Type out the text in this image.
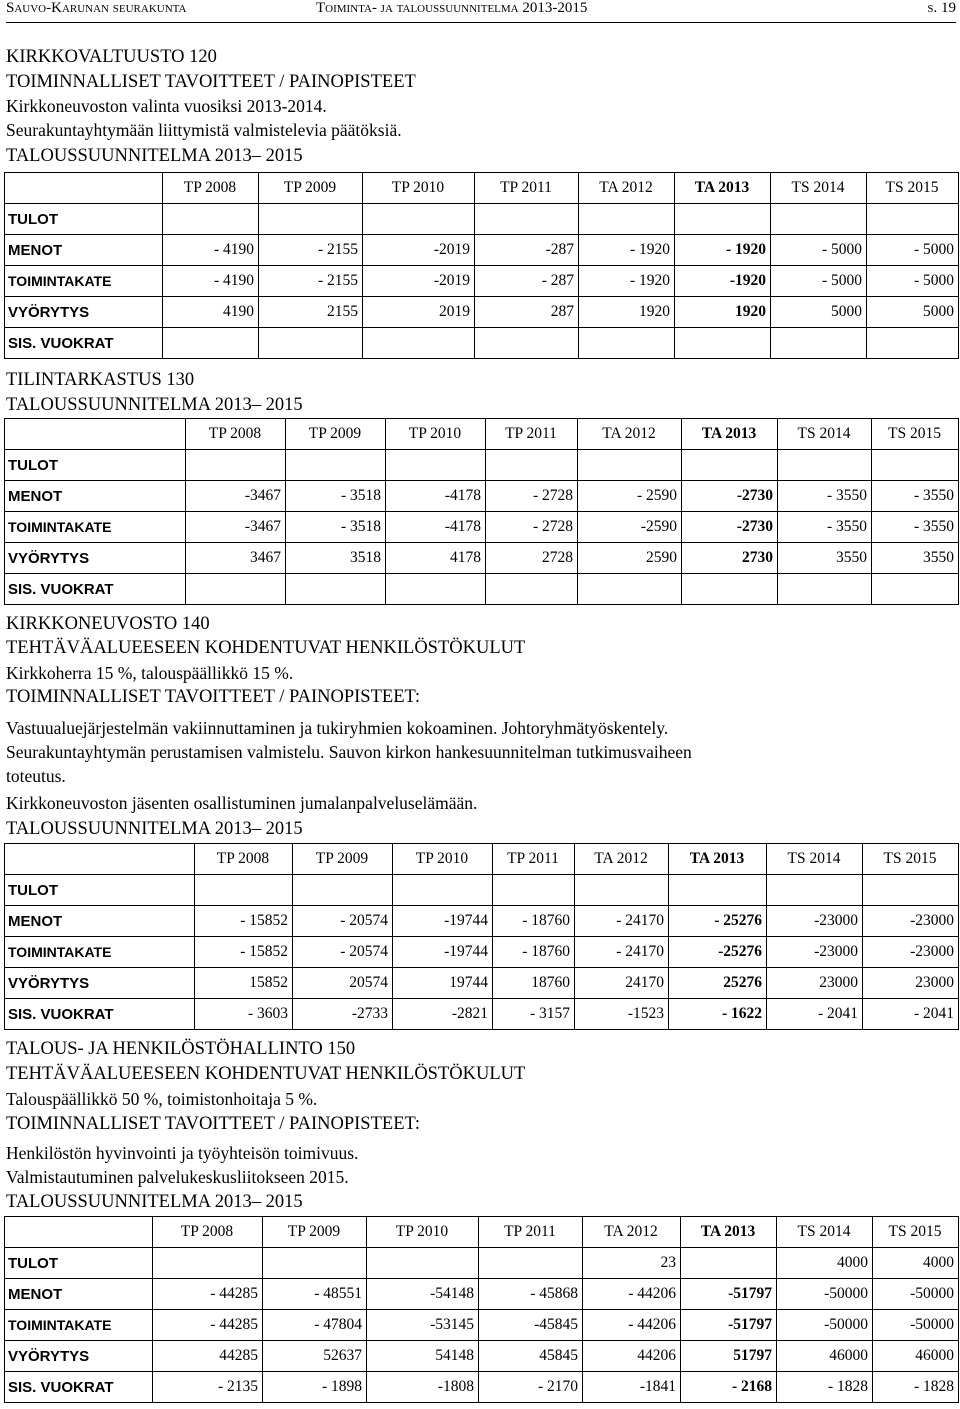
Sauvo-Karunan seurakunta	Toiminta- ja taloussuunnitelma 2013-2015	s. 19
KIRKKOVALTUUSTO 120
TOIMINNALLISET TAVOITTEET / PAINOPISTEET
Kirkkoneuvoston valinta vuosiksi 2013-2014.
Seurakuntayhtymään liittymistä valmistelevia päätöksiä.
TALOUSSUUNNITELMA 2013– 2015
	TP 2008	TP 2009	TP 2010	TP 2011	TA 2012	TA 2013	TS 2014	TS 2015
TULOT								
MENOT	- 4190	- 2155	-2019	-287	- 1920	- 1920	- 5000	- 5000
TOIMINTAKATE	- 4190	- 2155	-2019	- 287	- 1920	-1920	- 5000	- 5000
VYÖRYTYS	4190	2155	2019	287	1920	1920	5000	5000
SIS. VUOKRAT								
TILINTARKASTUS 130
TALOUSSUUNNITELMA 2013– 2015
	TP 2008	TP 2009	TP 2010	TP 2011	TA 2012	TA 2013	TS 2014	TS 2015
TULOT								
MENOT	-3467	- 3518	-4178	- 2728	- 2590	-2730	- 3550	- 3550
TOIMINTAKATE	-3467	- 3518	-4178	- 2728	-2590	-2730	- 3550	- 3550
VYÖRYTYS	3467	3518	4178	2728	2590	2730	3550	3550
SIS. VUOKRAT								
KIRKKONEUVOSTO 140
TEHTÄVÄALUEESEEN KOHDENTUVAT HENKILÖSTÖKULUT
Kirkkoherra 15 %, talouspäällikkö 15 %.
TOIMINNALLISET TAVOITTEET / PAINOPISTEET:
Vastuualuejärjestelmän vakiinnuttaminen ja tukiryhmien kokoaminen. Johtoryhmätyöskentely.
Seurakuntayhtymän perustamisen valmistelu. Sauvon kirkon hankesuunnitelman tutkimusvaiheen
toteutus.
Kirkkoneuvoston jäsenten osallistuminen jumalanpalveluselämään.
TALOUSSUUNNITELMA 2013– 2015
	TP 2008	TP 2009	TP 2010	TP 2011	TA 2012	TA 2013	TS 2014	TS 2015
TULOT								
MENOT	- 15852	- 20574	-19744	- 18760	- 24170	- 25276	-23000	-23000
TOIMINTAKATE	- 15852	- 20574	-19744	- 18760	- 24170	-25276	-23000	-23000
VYÖRYTYS	15852	20574	19744	18760	24170	25276	23000	23000
SIS. VUOKRAT	- 3603	-2733	-2821	- 3157	-1523	- 1622	- 2041	- 2041
TALOUS- JA HENKILÖSTÖHALLINTO 150
TEHTÄVÄALUEESEEN KOHDENTUVAT HENKILÖSTÖKULUT
Talouspäällikkö 50 %, toimistonhoitaja 5 %.
TOIMINNALLISET TAVOITTEET / PAINOPISTEET:
Henkilöstön hyvinvointi ja työyhteisön toimivuus.
Valmistautuminen palvelukeskusliitokseen 2015.
TALOUSSUUNNITELMA 2013– 2015
	TP 2008	TP 2009	TP 2010	TP 2011	TA 2012	TA 2013	TS 2014	TS 2015
TULOT					23		4000	4000
MENOT	- 44285	- 48551	-54148	- 45868	- 44206	-51797	-50000	-50000
TOIMINTAKATE	- 44285	- 47804	-53145	-45845	- 44206	-51797	-50000	-50000
VYÖRYTYS	44285	52637	54148	45845	44206	51797	46000	46000
SIS. VUOKRAT	- 2135	- 1898	-1808	- 2170	-1841	- 2168	- 1828	- 1828
